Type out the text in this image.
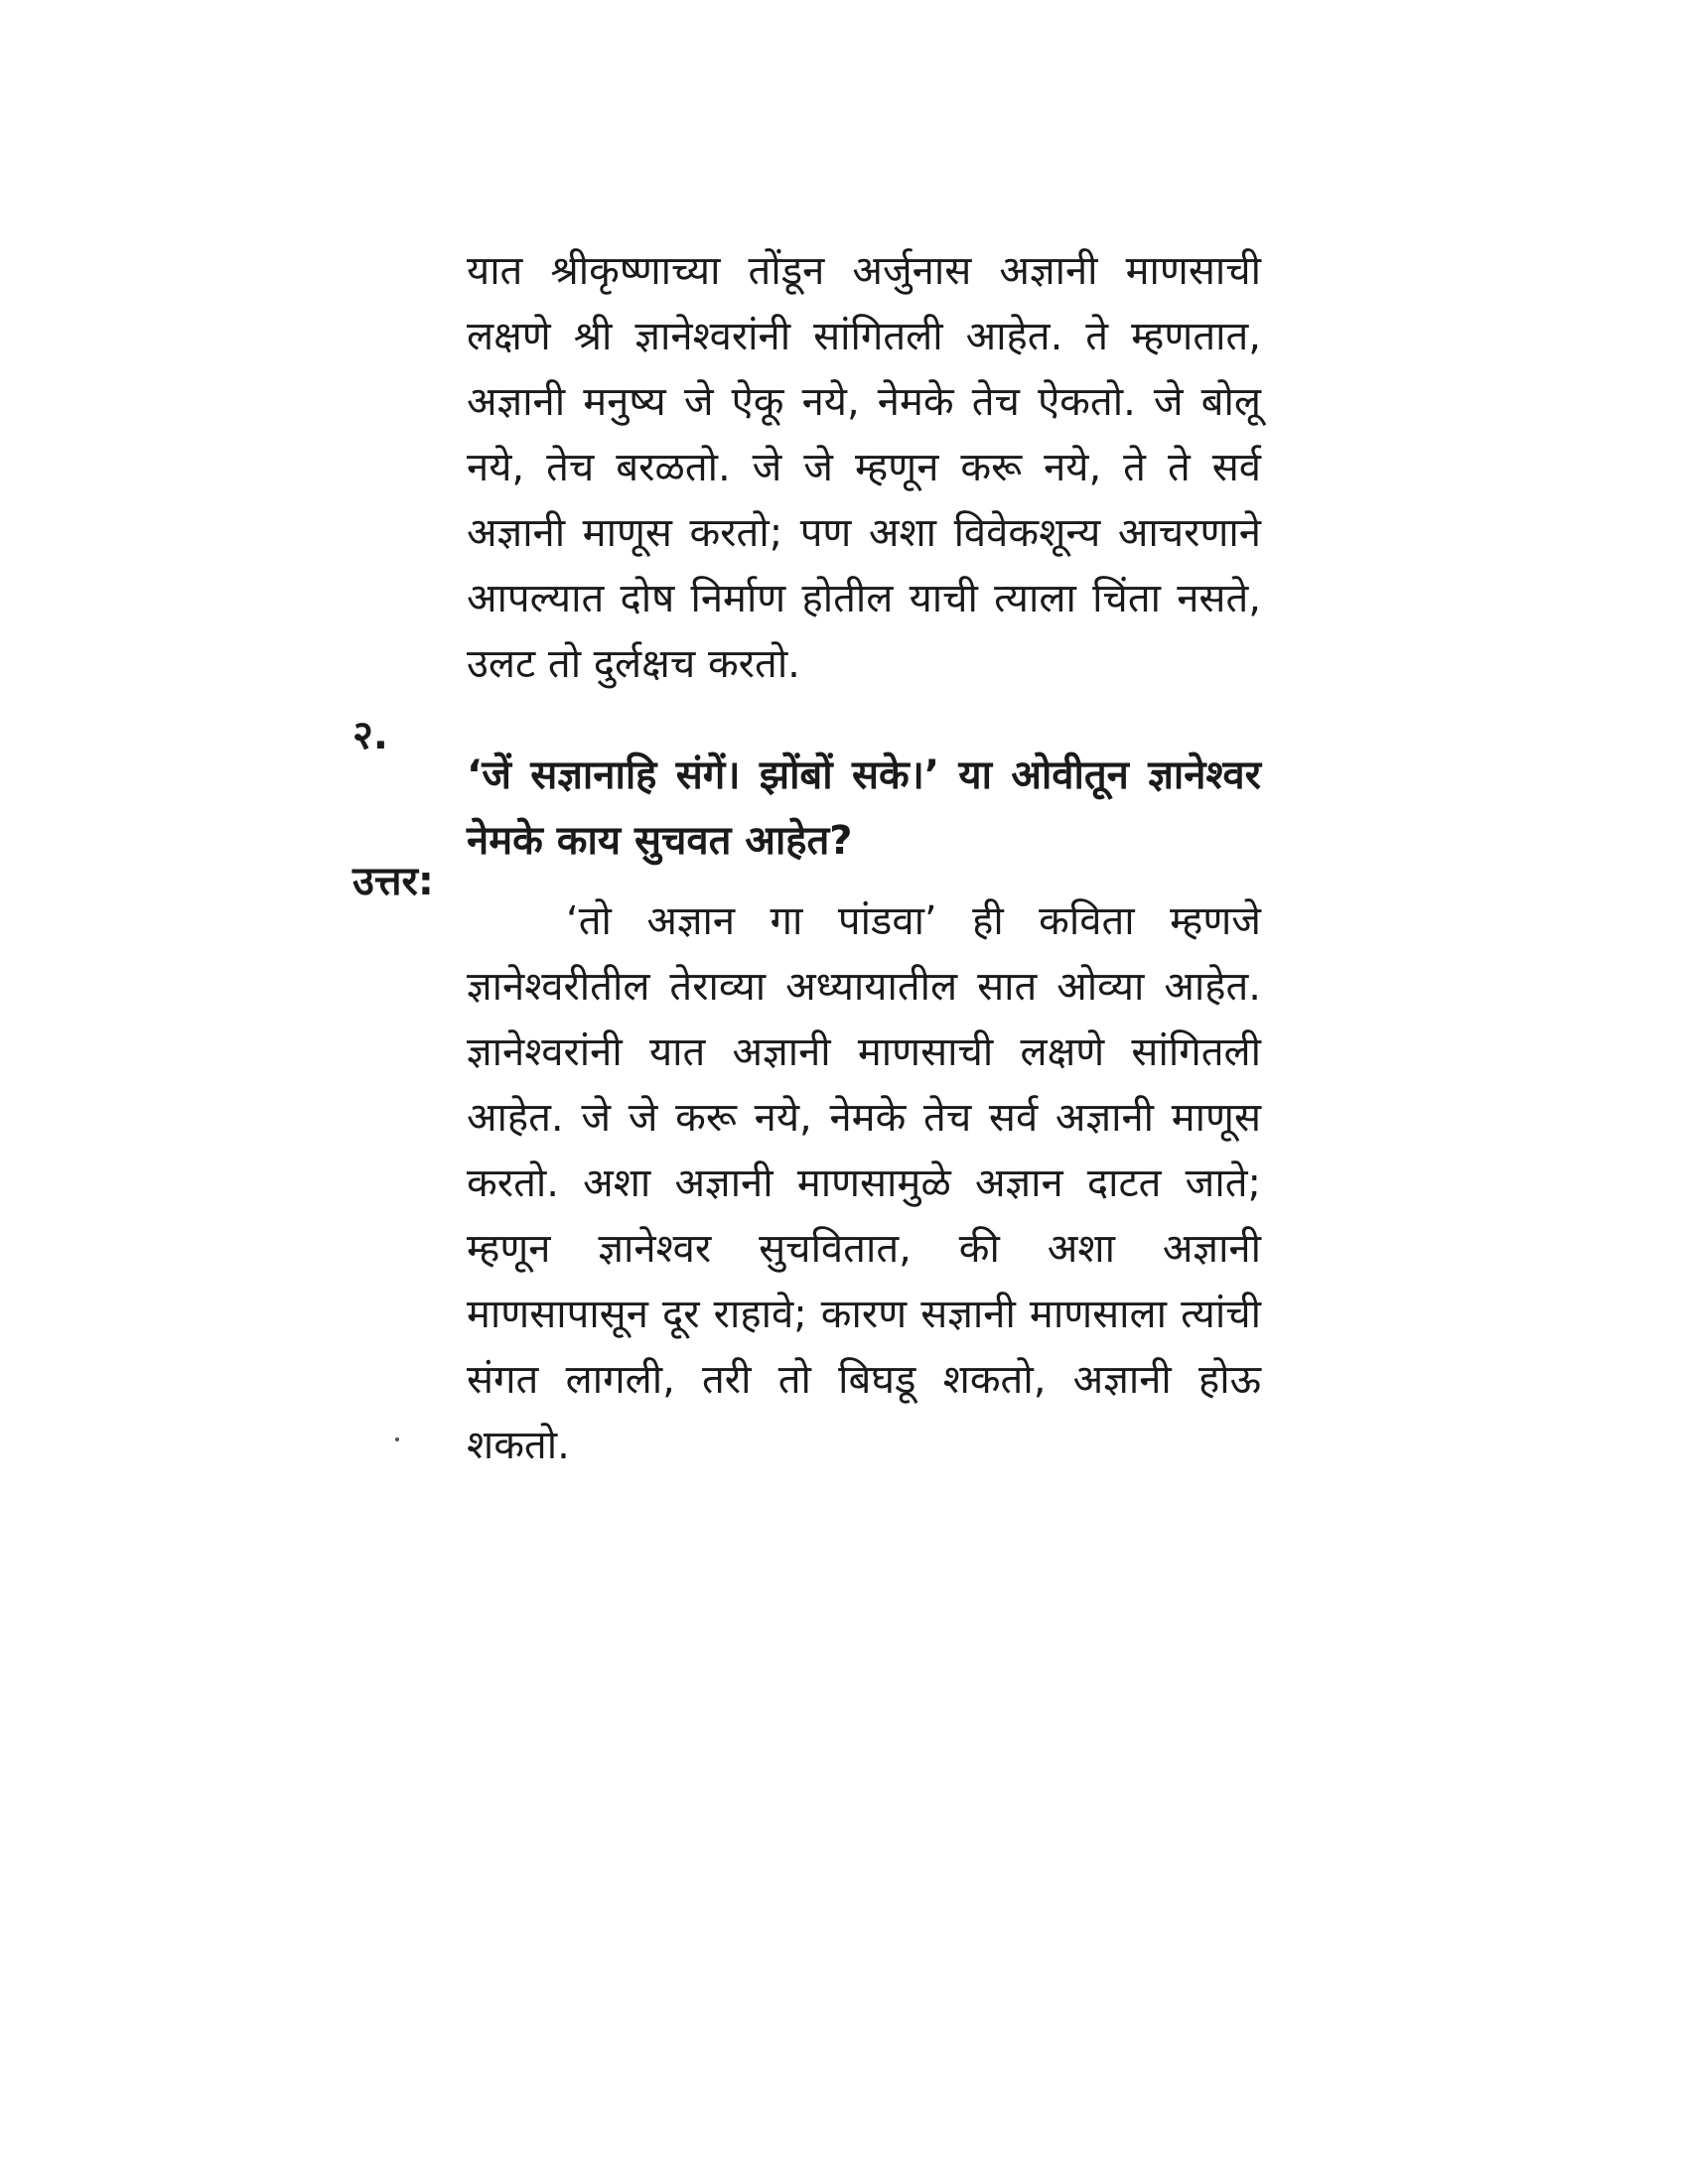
यात श्रीकृष्णाच्या तोंडून अर्जुनास अज्ञानी माणसाची लक्षणे श्री ज्ञानेश्वरांनी सांगितली आहेत. ते म्हणतात, अज्ञानी मनुष्य जे ऐकू नये, नेमके तेच ऐकतो. जे बोलू नये, तेच बरळतो. जे जे म्हणून करू नये, ते ते सर्व अज्ञानी माणूस करतो; पण अशा विवेकशून्य आचरणाने आपल्यात दोष निर्माण होतील याची त्याला चिंता नसते, उलट तो दुर्लक्षच करतो.

२.

‘जें सज्ञानाहि संगें। झोंबों सके।’ या ओवीतून ज्ञानेश्वर नेमके काय सुचवत आहेत?

उत्तर:

‘तो अज्ञान गा पांडवा’ ही कविता म्हणजे ज्ञानेश्वरीतील तेराव्या अध्यायातील सात ओव्या आहेत. ज्ञानेश्वरांनी यात अज्ञानी माणसाची लक्षणे सांगितली आहेत. जे जे करू नये, नेमके तेच सर्व अज्ञानी माणूस करतो. अशा अज्ञानी माणसामुळे अज्ञान दाटत जाते; म्हणून ज्ञानेश्वर सुचवितात, की अशा अज्ञानी माणसापासून दूर राहावे; कारण सज्ञानी माणसाला त्यांची संगत लागली, तरी तो बिघडू शकतो, अज्ञानी होऊ शकतो.
